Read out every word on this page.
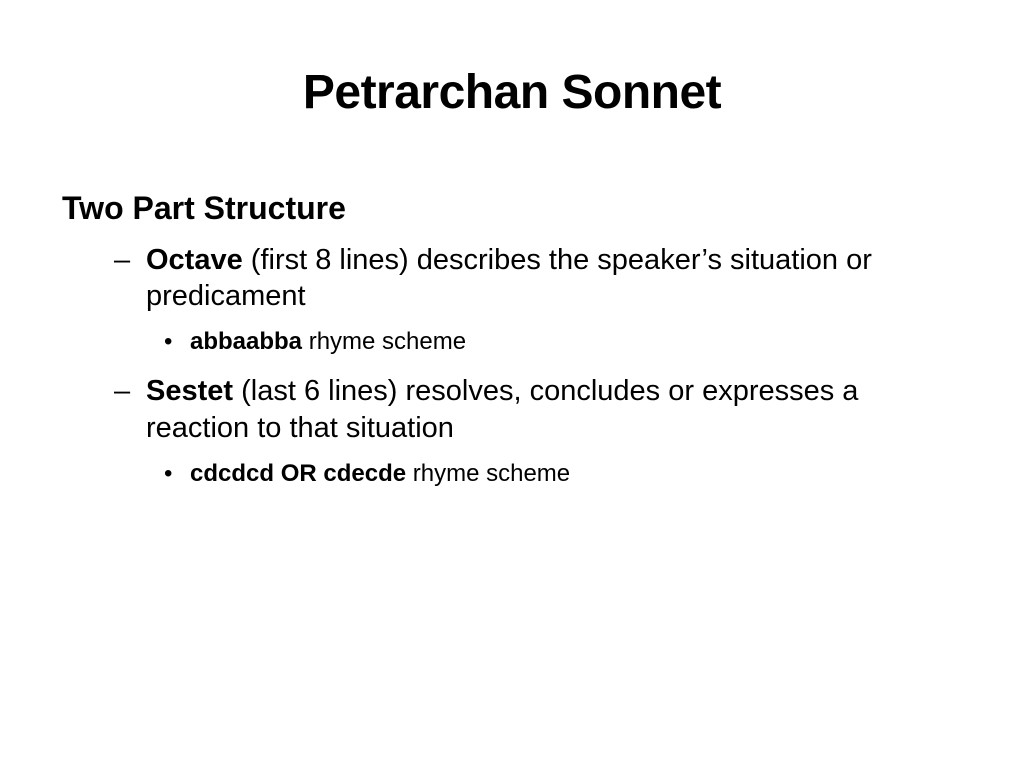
Petrarchan Sonnet
Two Part Structure
– Octave (first 8 lines) describes the speaker’s situation or predicament
• abbaabba rhyme scheme
– Sestet (last 6 lines) resolves, concludes or expresses a reaction to that situation
• cdcdcd OR cdecde rhyme scheme
